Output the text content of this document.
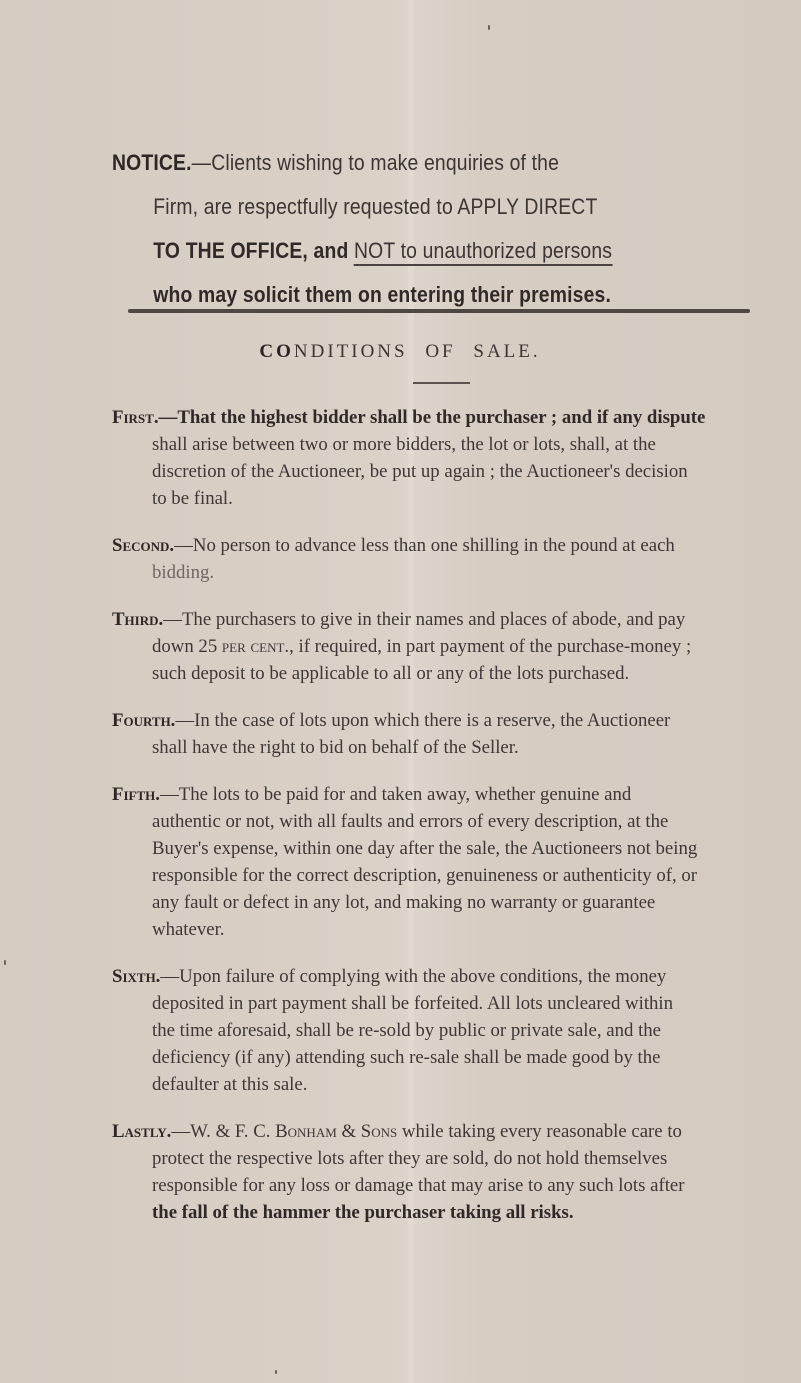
NOTICE.—Clients wishing to make enquiries of the
Firm, are respectfully requested to APPLY DIRECT
TO THE OFFICE, and NOT to unauthorized persons
who may solicit them on entering their premises.
CONDITIONS OF SALE.
First.—That the highest bidder shall be the purchaser ; and if any dispute
shall arise between two or more bidders, the lot or lots, shall, at the
discretion of the Auctioneer, be put up again ; the Auctioneer's decision
to be final.
Second.—No person to advance less than one shilling in the pound at each
bidding.
Third.—The purchasers to give in their names and places of abode, and pay
down 25 per cent., if required, in part payment of the purchase-money ;
such deposit to be applicable to all or any of the lots purchased.
Fourth.—In the case of lots upon which there is a reserve, the Auctioneer
shall have the right to bid on behalf of the Seller.
Fifth.—The lots to be paid for and taken away, whether genuine and
authentic or not, with all faults and errors of every description, at the
Buyer's expense, within one day after the sale, the Auctioneers not being
responsible for the correct description, genuineness or authenticity of, or
any fault or defect in any lot, and making no warranty or guarantee
whatever.
Sixth.—Upon failure of complying with the above conditions, the money
deposited in part payment shall be forfeited. All lots uncleared within
the time aforesaid, shall be re-sold by public or private sale, and the
deficiency (if any) attending such re-sale shall be made good by the
defaulter at this sale.
Lastly.—W. & F. C. Bonham & Sons while taking every reasonable care to
protect the respective lots after they are sold, do not hold themselves
responsible for any loss or damage that may arise to any such lots after
the fall of the hammer the purchaser taking all risks.
